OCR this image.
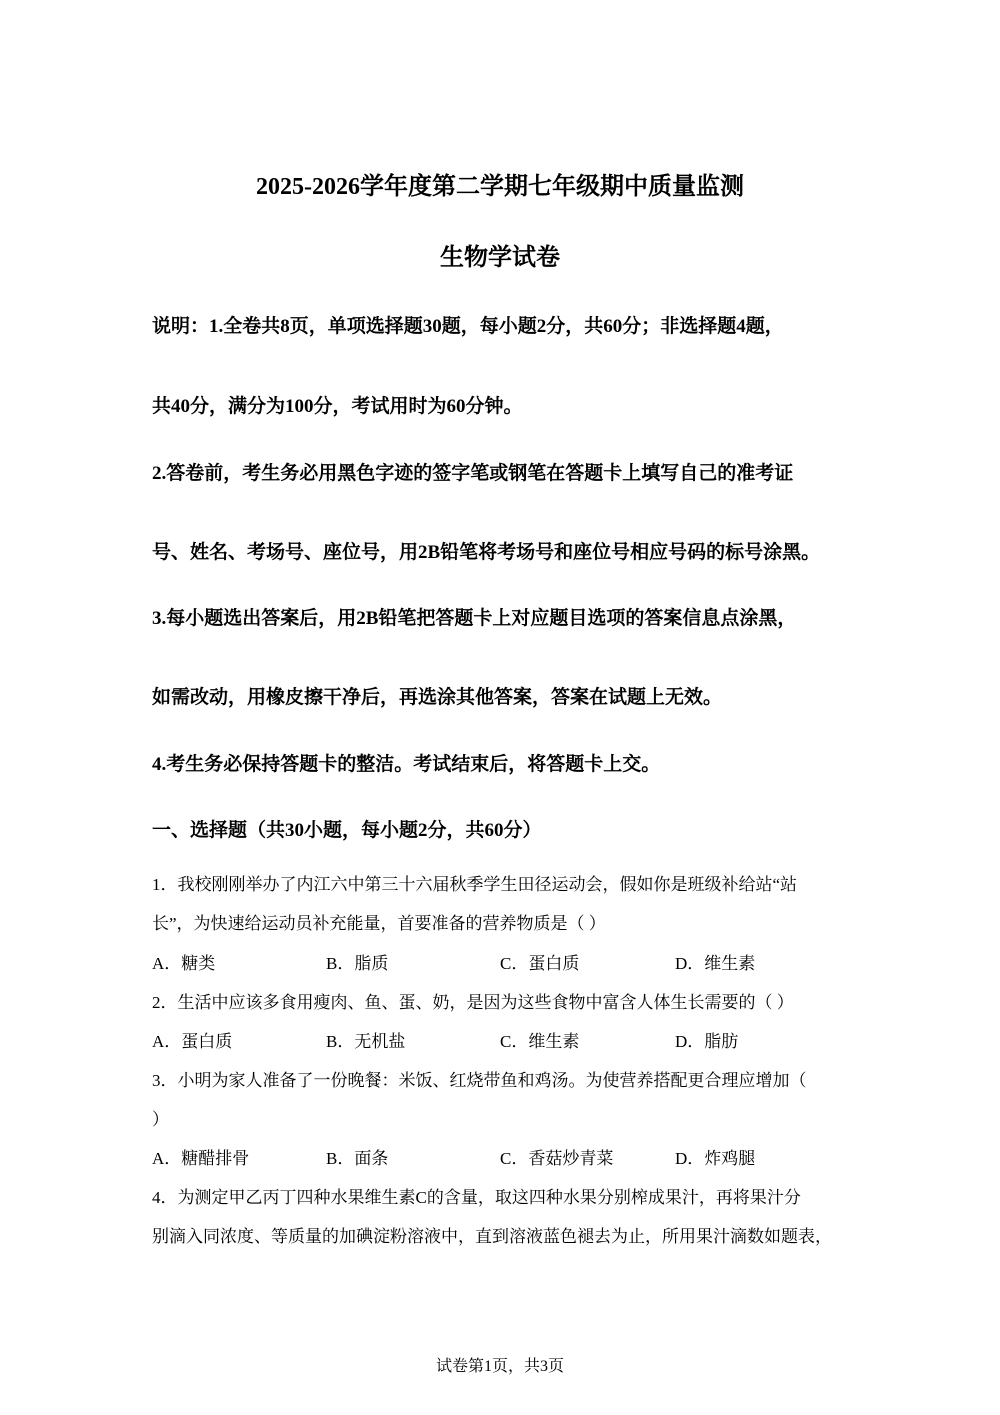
2025-2026学年度第二学期七年级期中质量监测
生物学试卷
说明：1.全卷共8页，单项选择题30题，每小题2分，共60分；非选择题4题，
共40分，满分为100分，考试用时为60分钟。
2.答卷前，考生务必用黑色字迹的签字笔或钢笔在答题卡上填写自己的准考证
号、姓名、考场号、座位号，用2B铅笔将考场号和座位号相应号码的标号涂黑。
3.每小题选出答案后，用2B铅笔把答题卡上对应题目选项的答案信息点涂黑，
如需改动，用橡皮擦干净后，再选涂其他答案，答案在试题上无效。
4.考生务必保持答题卡的整洁。考试结束后，将答题卡上交。
一、选择题（共30小题，每小题2分，共60分）
1．我校刚刚举办了内江六中第三十六届秋季学生田径运动会，假如你是班级补给站“站
长”，为快速给运动员补充能量，首要准备的营养物质是（ ）
A．糖类	B．脂质	C．蛋白质	D．维生素
2．生活中应该多食用瘦肉、鱼、蛋、奶，是因为这些食物中富含人体生长需要的（ ）
A．蛋白质	B．无机盐	C．维生素	D．脂肪
3．小明为家人准备了一份晚餐：米饭、红烧带鱼和鸡汤。为使营养搭配更合理应增加（
）
A．糖醋排骨	B．面条	C．香菇炒青菜	D．炸鸡腿
4．为测定甲乙丙丁四种水果维生素C的含量，取这四种水果分别榨成果汁，再将果汁分
别滴入同浓度、等质量的加碘淀粉溶液中，直到溶液蓝色褪去为止，所用果汁滴数如题表，
试卷第1页，共3页
